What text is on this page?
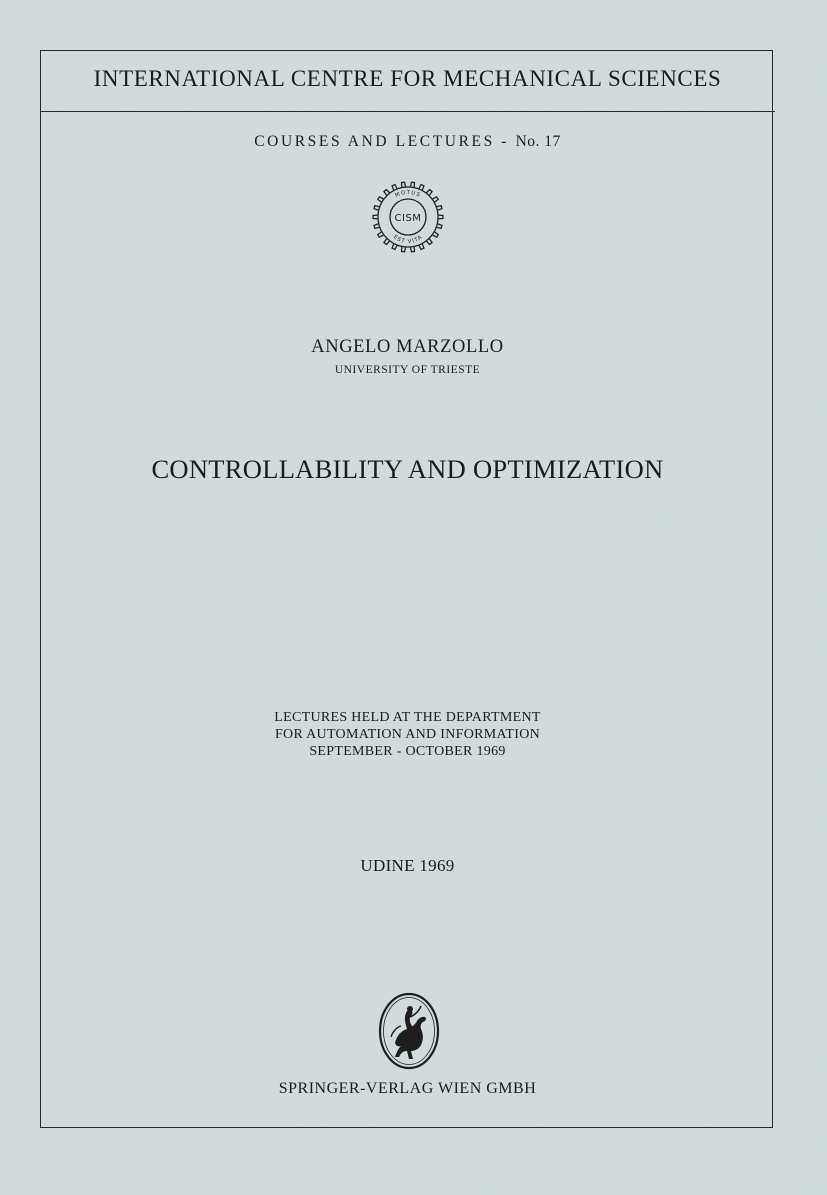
INTERNATIONAL CENTRE FOR MECHANICAL SCIENCES
COURSES AND LECTURES - No. 17
CISM
MOTUS
EST VITA
ANGELO MARZOLLO
UNIVERSITY OF TRIESTE
CONTROLLABILITY AND OPTIMIZATION
LECTURES HELD AT THE DEPARTMENT
FOR AUTOMATION AND INFORMATION
SEPTEMBER - OCTOBER 1969
UDINE 1969
SPRINGER-VERLAG WIEN GMBH
